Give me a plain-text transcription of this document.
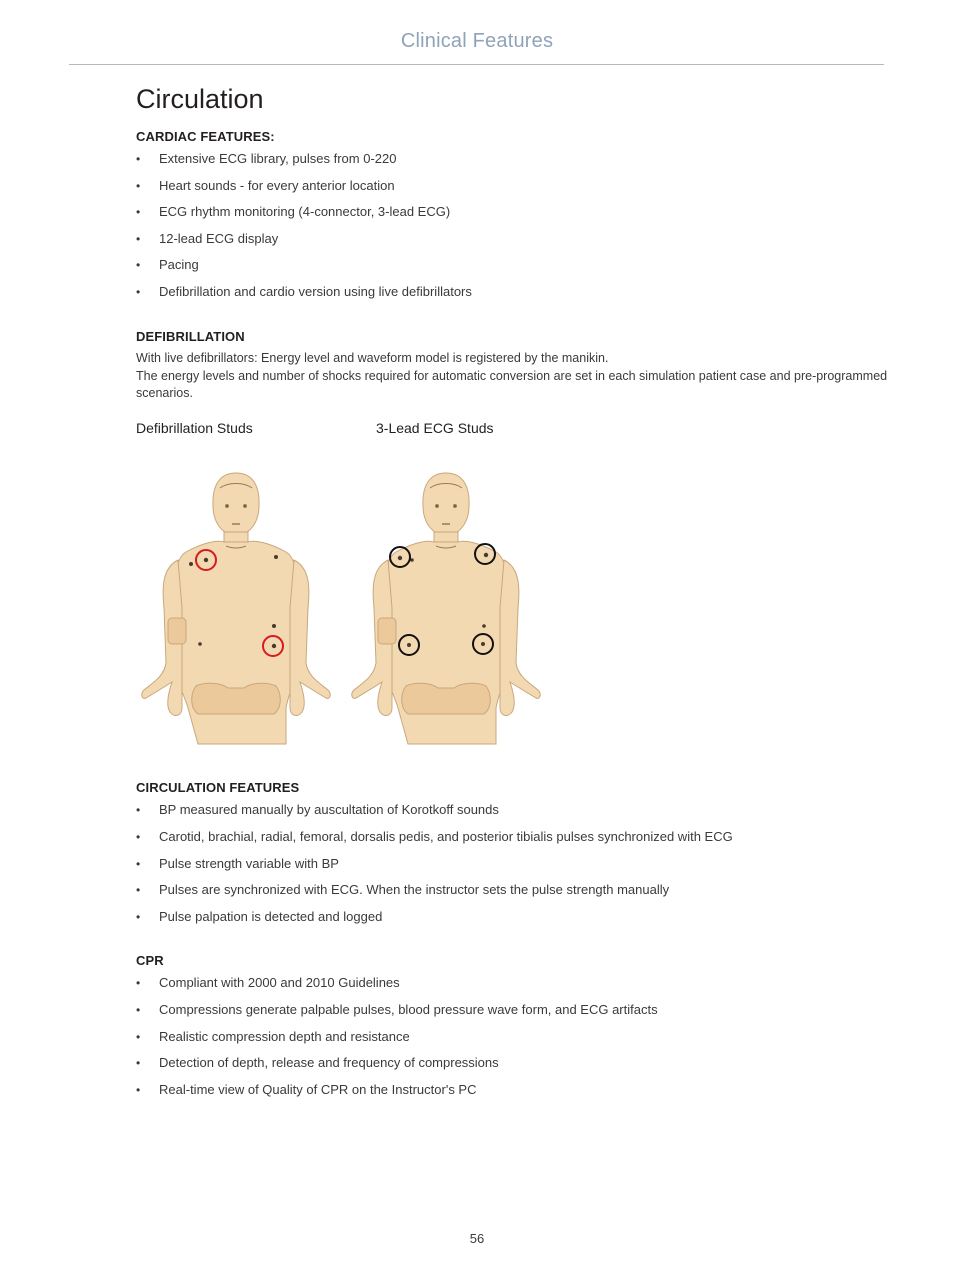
Clinical Features
Circulation
CARDIAC FEATURES:
• Extensive ECG library, pulses from 0-220
• Heart sounds - for every anterior location
• ECG rhythm monitoring (4-connector, 3-lead ECG)
• 12-lead ECG display
• Pacing
• Defibrillation and cardio version using live defibrillators
DEFIBRILLATION

With live defibrillators: Energy level and waveform model is registered by the manikin.
The energy levels and number of shocks required for automatic conversion are set in each simulation patient case and pre-programmed scenarios.

Defibrillation Studs	3-Lead ECG Studs
CIRCULATION FEATURES
• BP measured manually by auscultation of Korotkoff sounds
• Carotid, brachial, radial, femoral, dorsalis pedis, and posterior tibialis pulses synchronized with ECG
• Pulse strength variable with BP
• Pulses are synchronized with ECG. When the instructor sets the pulse strength manually
• Pulse palpation is detected and logged
CPR
• Compliant with 2000 and 2010 Guidelines
• Compressions generate palpable pulses, blood pressure wave form, and ECG artifacts
• Realistic compression depth and resistance
• Detection of depth, release and frequency of compressions
• Real-time view of Quality of CPR on the Instructor's PC
56
